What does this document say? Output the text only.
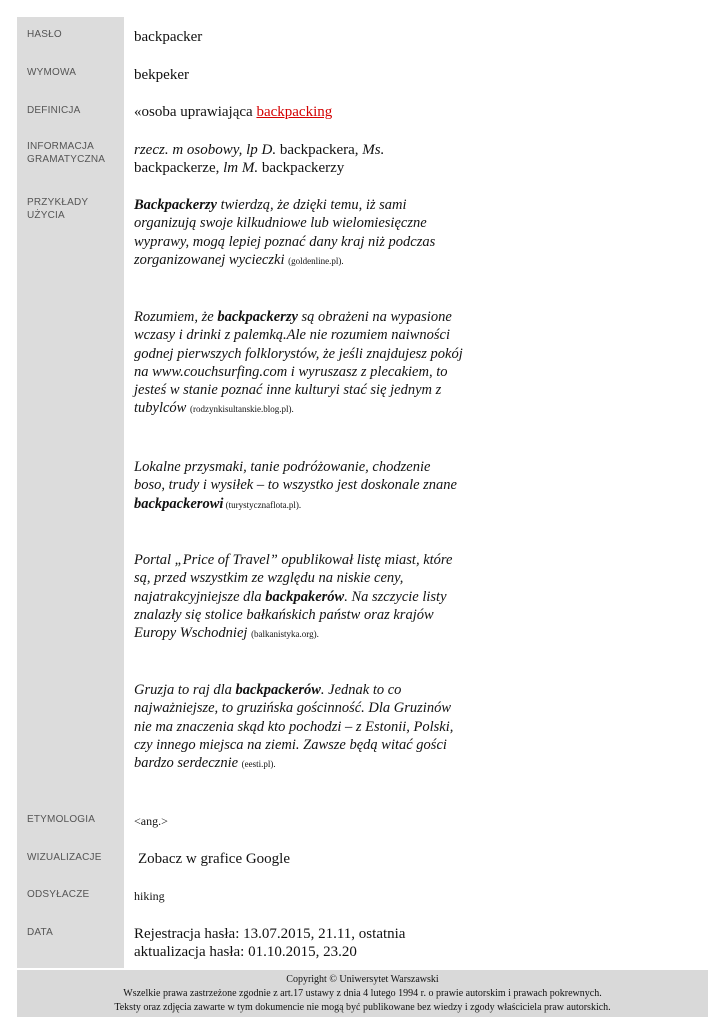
HASŁO	backpacker
WYMOWA	bekpeker
DEFINICJA	«osoba uprawiająca backpacking
INFORMACJA
GRAMATYCZNA
rzecz. m osobowy, lp D. backpackera, Ms.
backpackerze, lm M. backpackerzy
PRZYKŁADY
UŻYCIA
Backpackerzy twierdzą, że dzięki temu, iż sami organizują swoje kilkudniowe lub wielomiesięczne wyprawy, mogą lepiej poznać dany kraj niż podczas zorganizowanej wycieczki (goldenline.pl).
Rozumiem, że backpackerzy są obrażeni na wypasione wczasy i drinki z palemką.Ale nie rozumiem naiwności godnej pierwszych folklorystów, że jeśli znajdujesz pokój na www.couchsurfing.com i wyruszasz z plecakiem, to jesteś w stanie poznać inne kulturyi stać się jednym z tubylców (rodzynkisultanskie.blog.pl).
Lokalne przysmaki, tanie podróżowanie, chodzenie boso, trudy i wysiłek – to wszystko jest doskonale znane backpackerowi (turystycznaflota.pl).
Portal „Price of Travel” opublikował listę miast, które są, przed wszystkim ze względu na niskie ceny, najatrakcyjniejsze dla backpakerów. Na szczycie listy znalazły się stolice bałkańskich państw oraz krajów Europy Wschodniej (balkanistyka.org).
Gruzja to raj dla backpackerów. Jednak to co najważniejsze, to gruzińska gościnność. Dla Gruzinów nie ma znaczenia skąd kto pochodzi – z Estonii, Polski, czy innego miejsca na ziemi. Zawsze będą witać gości bardzo serdecznie (eesti.pl).
ETYMOLOGIA	<ang.>
WIZUALIZACJE	Zobacz w grafice Google
ODSYŁACZE	hiking
DATA	Rejestracja hasła: 13.07.2015, 21.11, ostatnia
aktualizacja hasła: 01.10.2015, 23.20
Copyright © Uniwersytet Warszawski
Wszelkie prawa zastrzeżone zgodnie z art.17 ustawy z dnia 4 lutego 1994 r. o prawie autorskim i prawach pokrewnych.
Teksty oraz zdjęcia zawarte w tym dokumencie nie mogą być publikowane bez wiedzy i zgody właściciela praw autorskich.
